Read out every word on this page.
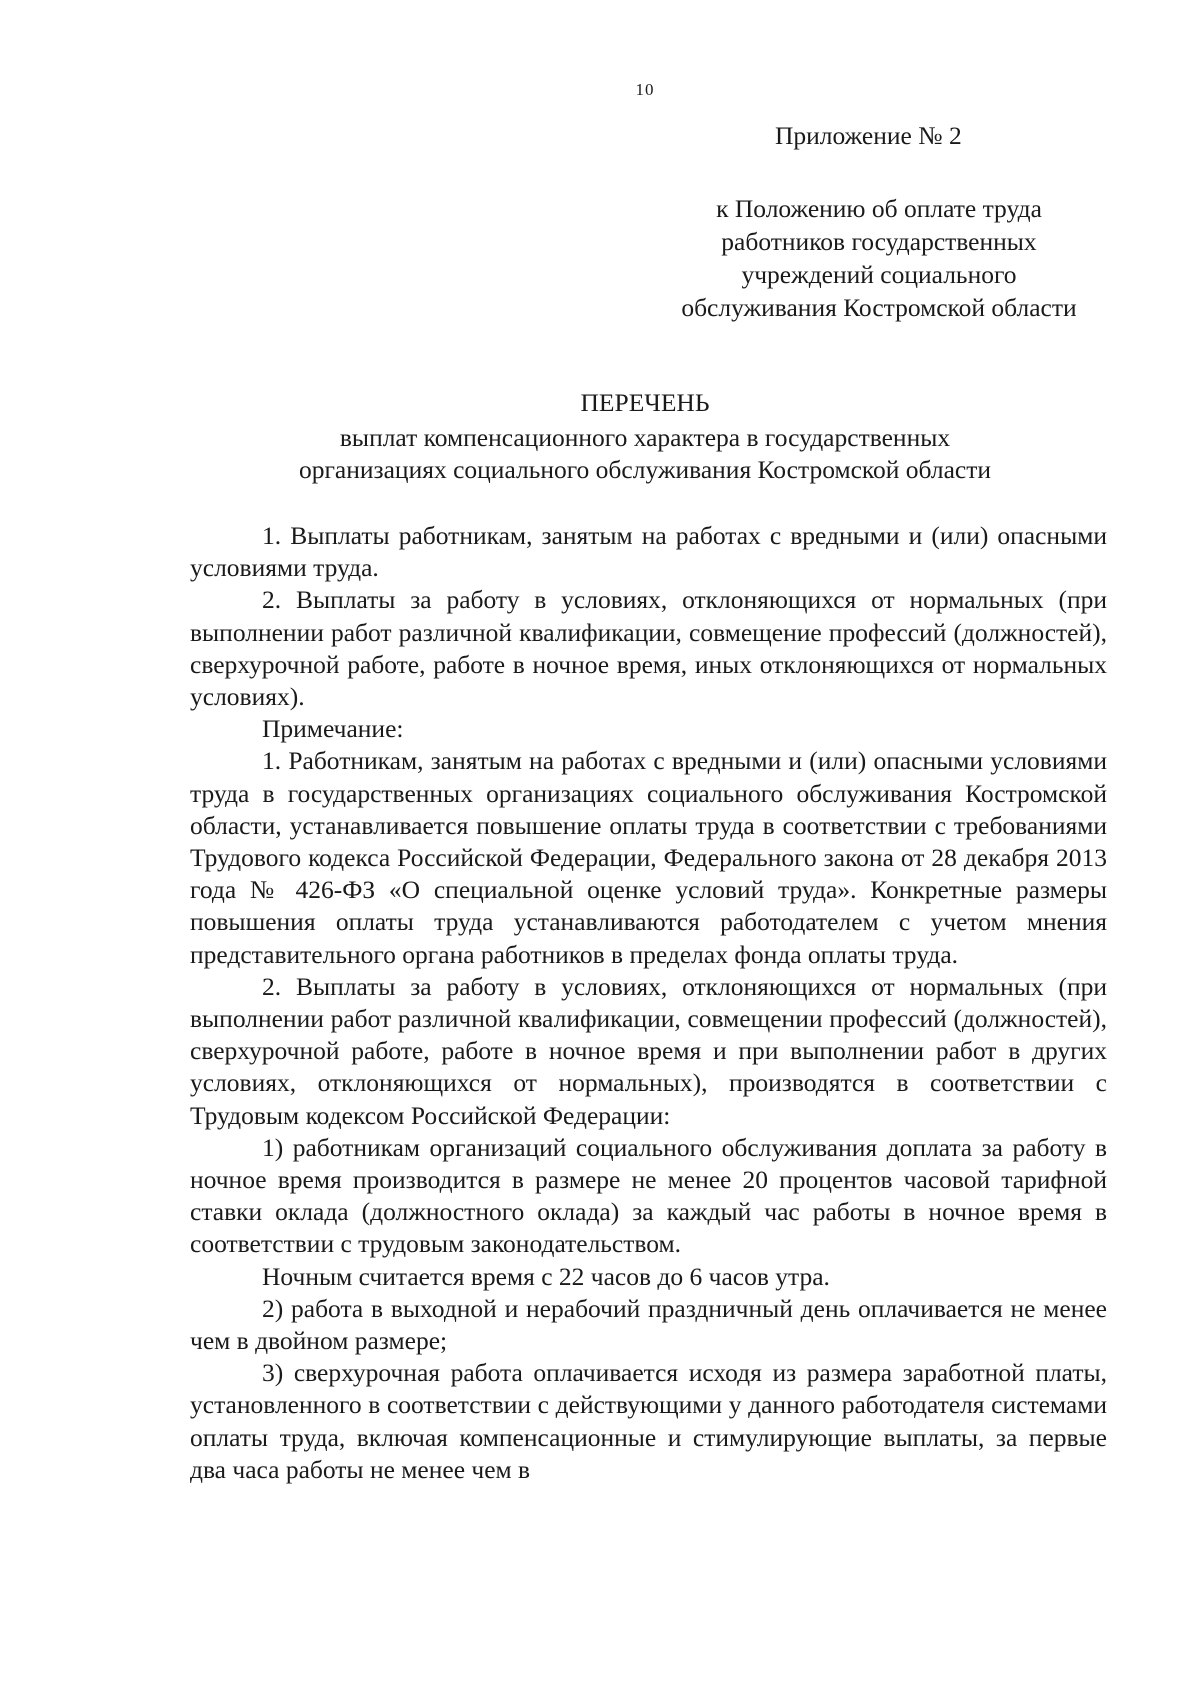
10
Приложение № 2
к Положению об оплате труда
работников государственных
учреждений социального
обслуживания Костромской области
ПЕРЕЧЕНЬ
выплат компенсационного характера в государственных
организациях социального обслуживания Костромской области

1. Выплаты работникам, занятым на работах с вредными и (или) опасными условиями труда.

2. Выплаты за работу в условиях, отклоняющихся от нормальных (при выполнении работ различной квалификации, совмещение профессий (должностей), сверхурочной работе, работе в ночное время, иных отклоняющихся от нормальных условиях).

Примечание:

1. Работникам, занятым на работах с вредными и (или) опасными условиями труда в государственных организациях социального обслуживания Костромской области, устанавливается повышение оплаты труда в соответствии с требованиями Трудового кодекса Российской Федерации, Федерального закона от 28 декабря 2013 года № 426-ФЗ «О специальной оценке условий труда». Конкретные размеры повышения оплаты труда устанавливаются работодателем с учетом мнения представительного органа работников в пределах фонда оплаты труда.

2. Выплаты за работу в условиях, отклоняющихся от нормальных (при выполнении работ различной квалификации, совмещении профессий (должностей), сверхурочной работе, работе в ночное время и при выполнении работ в других условиях, отклоняющихся от нормальных), производятся в соответствии с Трудовым кодексом Российской Федерации:

1) работникам организаций социального обслуживания доплата за работу в ночное время производится в размере не менее 20 процентов часовой тарифной ставки оклада (должностного оклада) за каждый час работы в ночное время в соответствии с трудовым законодательством.

Ночным считается время с 22 часов до 6 часов утра.

2) работа в выходной и нерабочий праздничный день оплачивается не менее чем в двойном размере;

3) сверхурочная работа оплачивается исходя из размера заработной платы, установленного в соответствии с действующими у данного работодателя системами оплаты труда, включая компенсационные и стимулирующие выплаты, за первые два часа работы не менее чем в
